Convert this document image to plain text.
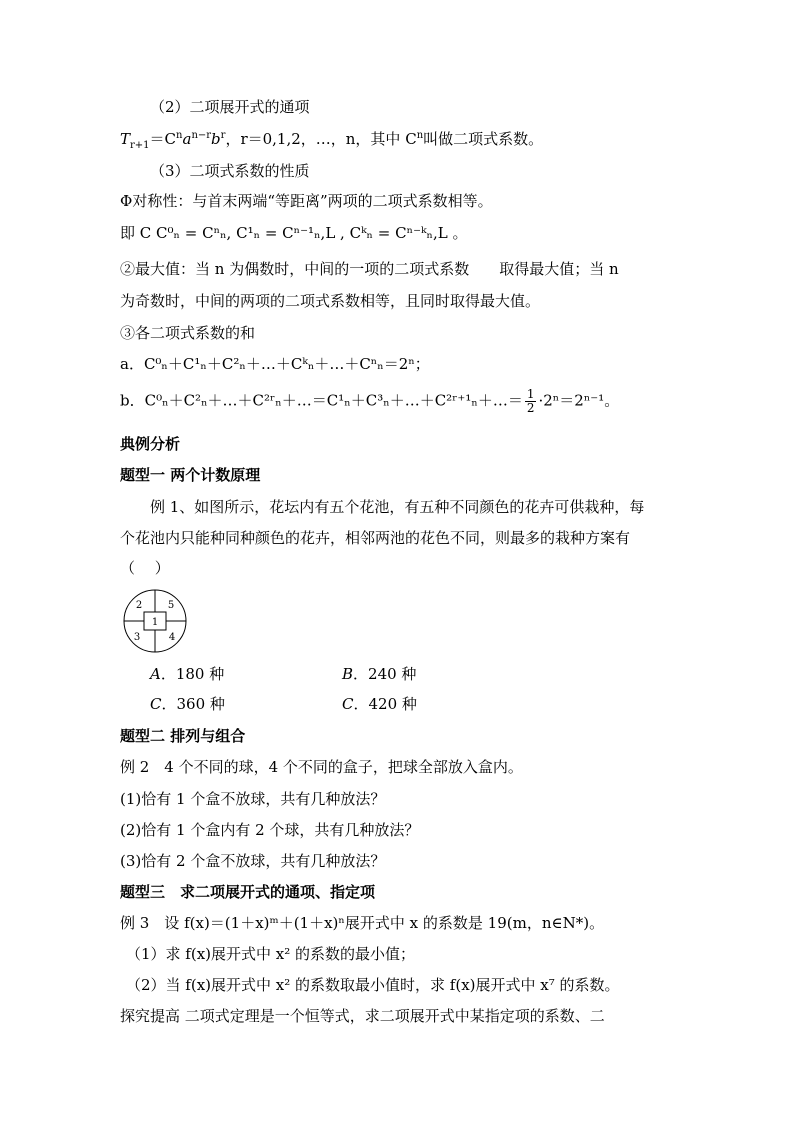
（2）二项展开式的通项
$T_{r+1}=C^na^{n-r}b^r$，r＝0,1,2，…，n，其中 $C^n$叫做二项式系数。
（3）二项式系数的性质
Φ对称性：与首末两端“等距离”两项的二项式系数相等。
即 C C⁰ₙ = Cⁿₙ, C¹ₙ = Cⁿ⁻¹ₙ,L , Cᵏₙ = Cⁿ⁻ᵏₙ,L 。
②最大值：当 n 为偶数时，中间的一项的二项式系数　　取得最大值；当 n
为奇数时，中间的两项的二项式系数相等，且同时取得最大值。
③各二项式系数的和
a．C⁰ₙ＋C¹ₙ＋C²ₙ＋…＋Cᵏₙ＋…＋Cⁿₙ＝2ⁿ；
b．C⁰ₙ＋C²ₙ＋…＋C²ʳₙ＋…＝C¹ₙ＋C³ₙ＋…＋C²ʳ⁺¹ₙ＋…＝ $\frac{1}{2} \cdot 2^n=2^{n-1}$。
典例分析
题型一 两个计数原理
例 1、如图所示，花坛内有五个花池，有五种不同颜色的花卉可供栽种，每
个花池内只能种同种颜色的花卉，相邻两池的花色不同，则最多的栽种方案有
（　 ）
2	5
1
3	4
A．180 种	B．240 种
C．360 种	C．420 种
题型二 排列与组合
例 2　4 个不同的球，4 个不同的盒子，把球全部放入盒内。
(1)恰有 1 个盒不放球，共有几种放法？
(2)恰有 1 个盒内有 2 个球，共有几种放法？
(3)恰有 2 个盒不放球，共有几种放法？
题型三　求二项展开式的通项、指定项
例 3　设 f(x)＝(1＋x)ᵐ＋(1＋x)ⁿ展开式中 x 的系数是 19(m，n∈N*)。
（1）求 f(x)展开式中 x² 的系数的最小值；
（2）当 f(x)展开式中 x² 的系数取最小值时，求 f(x)展开式中 x⁷ 的系数。
探究提高 二项式定理是一个恒等式，求二项展开式中某指定项的系数、二
